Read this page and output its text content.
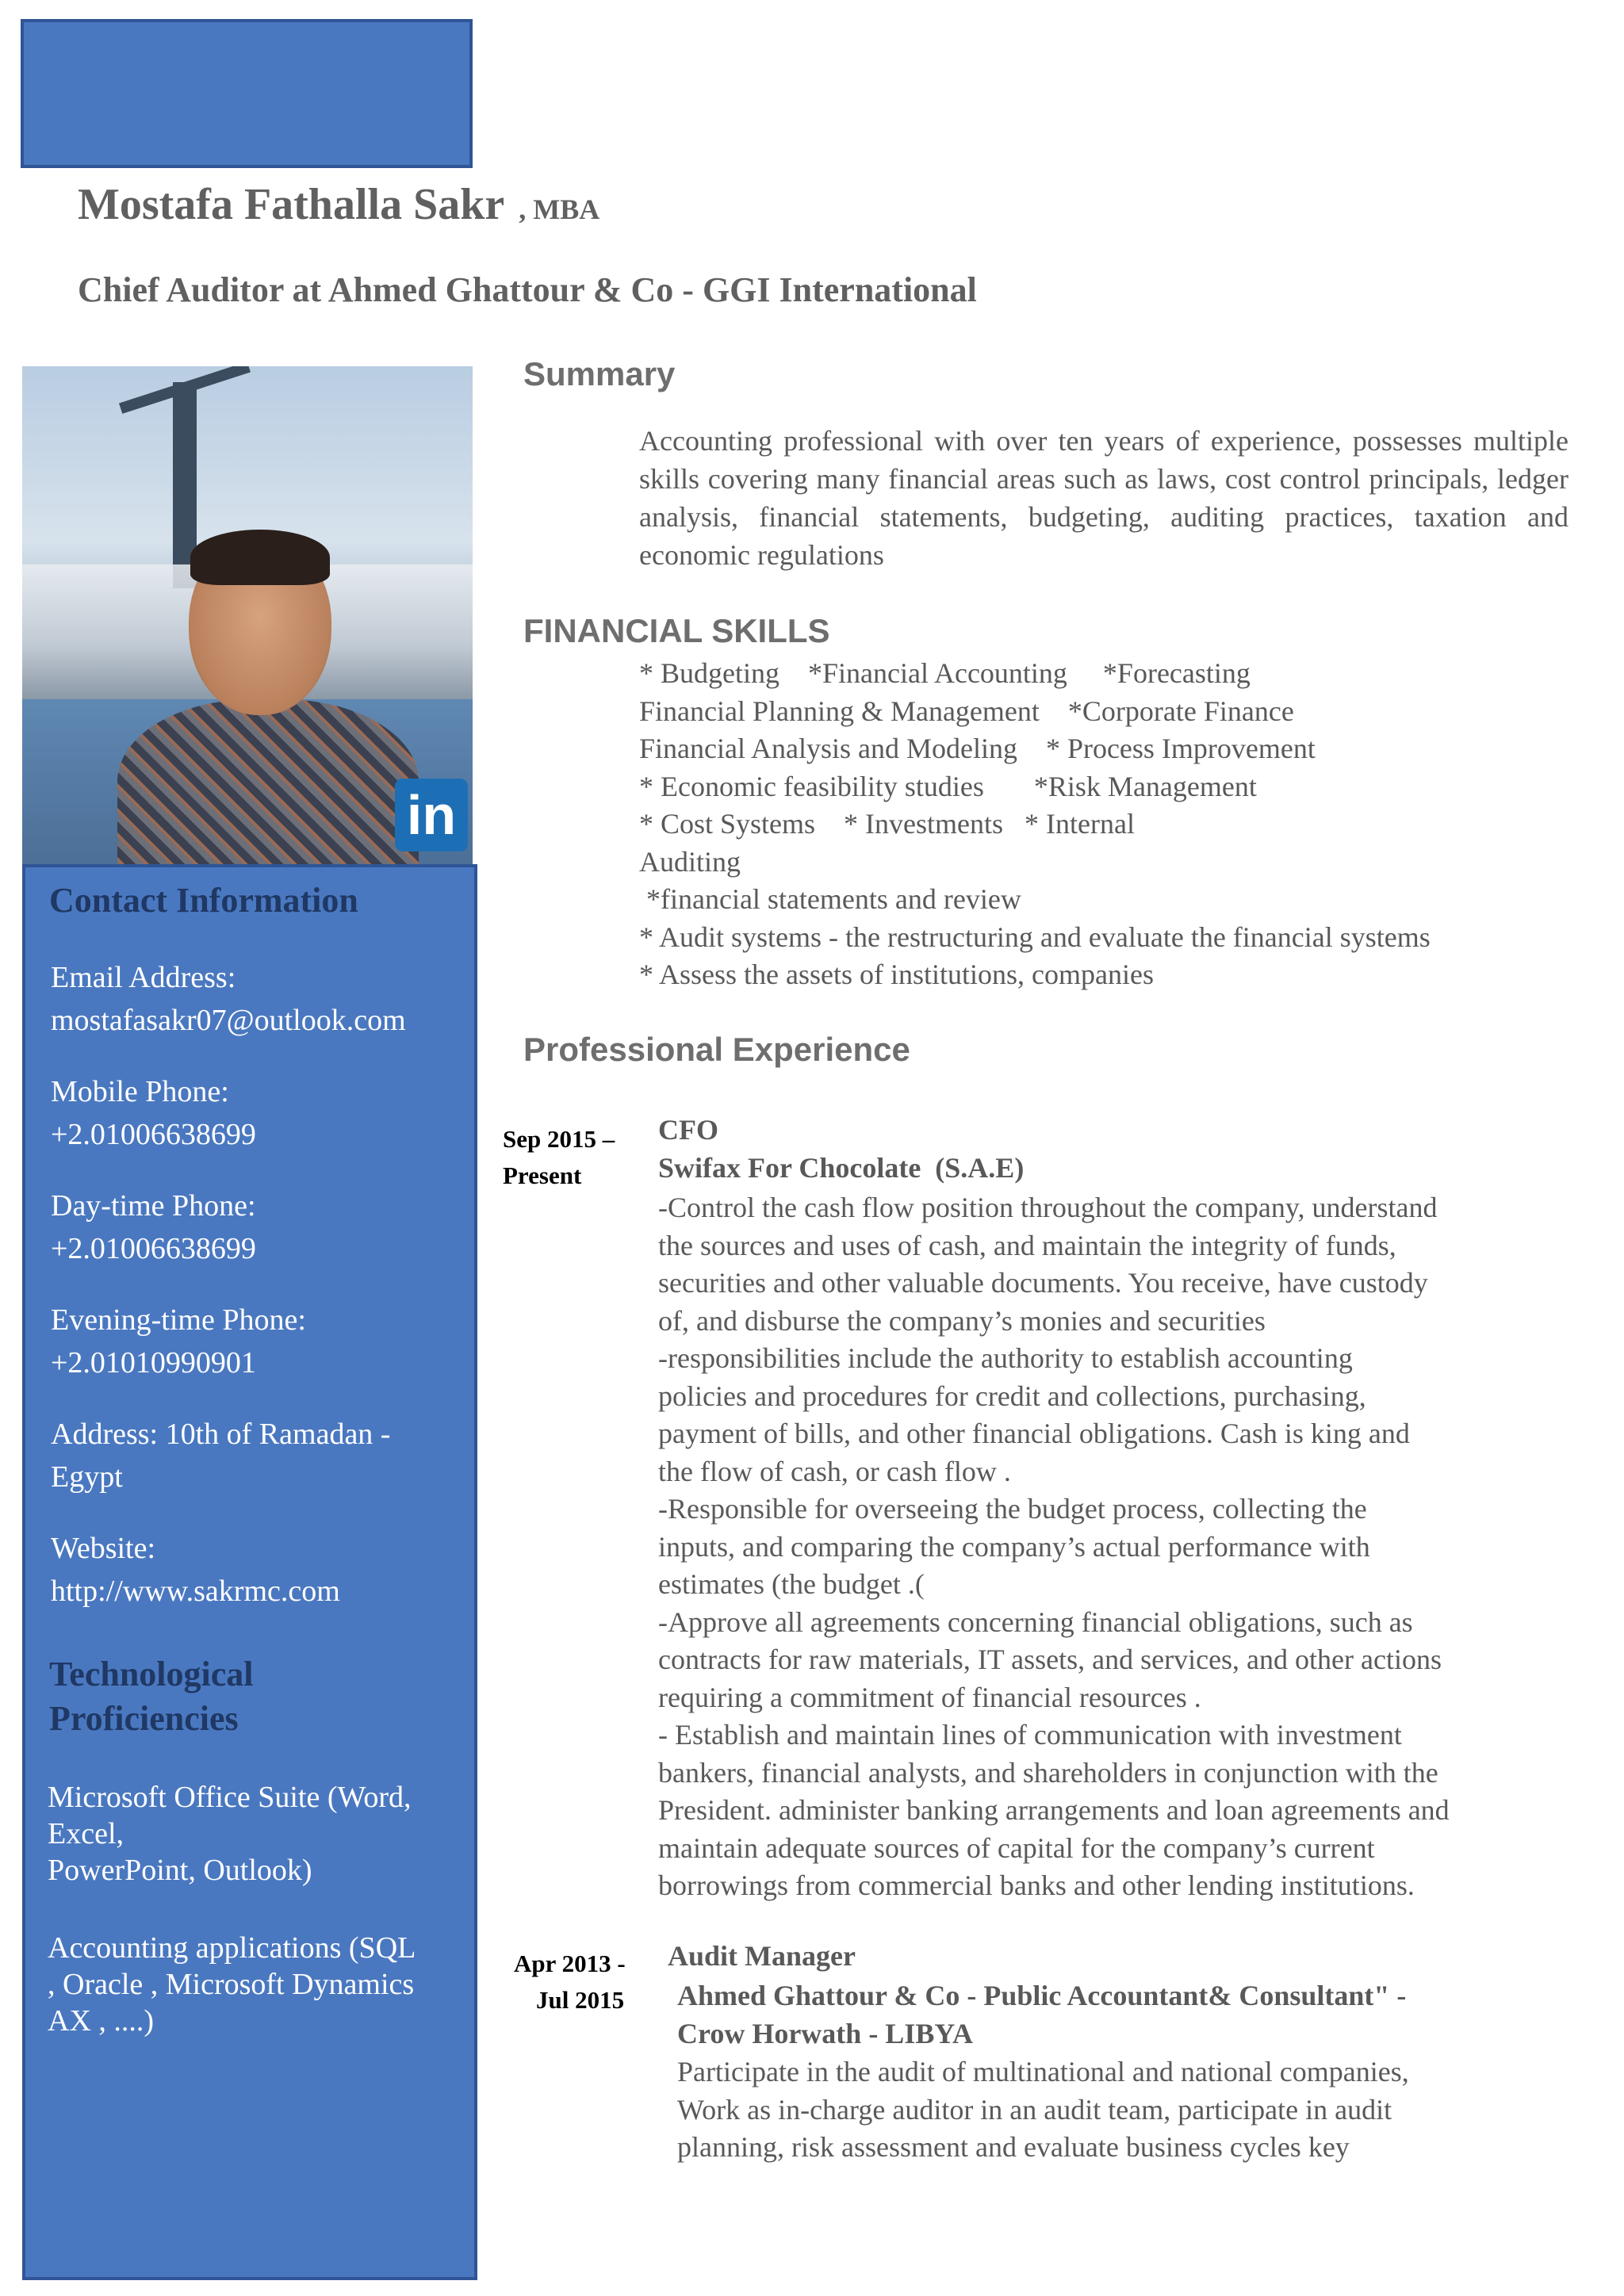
Mostafa Fathalla Sakr , MBA
Chief Auditor at Ahmed Ghattour & Co - GGI International
in
Contact Information
Email Address:
mostafasakr07@outlook.com
Mobile Phone:
+2.01006638699
Day-time Phone:
+2.01006638699
Evening-time Phone:
+2.01010990901
Address: 10th of Ramadan -
Egypt
Website:
http://www.sakrmc.com
Technological
Proficiencies
Microsoft Office Suite (Word,
Excel,
PowerPoint, Outlook)
Accounting applications (SQL
, Oracle , Microsoft Dynamics
AX , ....)
Summary
Accounting professional with over ten years of experience, possesses multiple skills covering many financial areas such as laws, cost control principals, ledger analysis, financial statements, budgeting, auditing practices, taxation and economic regulations
FINANCIAL SKILLS
* Budgeting    *Financial Accounting     *Forecasting
Financial Planning & Management    *Corporate Finance
Financial Analysis and Modeling    * Process Improvement
* Economic feasibility studies       *Risk Management
* Cost Systems    * Investments   * Internal
Auditing
*financial statements and review
* Audit systems - the restructuring and evaluate the financial systems
* Assess the assets of institutions, companies
Professional Experience
Sep 2015 –
Present
CFO
Swifax For Chocolate  (S.A.E)
-Control the cash flow position throughout the company, understand
the sources and uses of cash, and maintain the integrity of funds,
securities and other valuable documents. You receive, have custody
of, and disburse the company’s monies and securities
-responsibilities include the authority to establish accounting
policies and procedures for credit and collections, purchasing,
payment of bills, and other financial obligations. Cash is king and
the flow of cash, or cash flow .
-Responsible for overseeing the budget process, collecting the
inputs, and comparing the company’s actual performance with
estimates (the budget .(
-Approve all agreements concerning financial obligations, such as
contracts for raw materials, IT assets, and services, and other actions
requiring a commitment of financial resources .
- Establish and maintain lines of communication with investment
bankers, financial analysts, and shareholders in conjunction with the
President. administer banking arrangements and loan agreements and
maintain adequate sources of capital for the company’s current
borrowings from commercial banks and other lending institutions.
Apr 2013 -
Jul 2015
Audit Manager
Ahmed Ghattour & Co - Public Accountant& Consultant" -
Crow Horwath - LIBYA
Participate in the audit of multinational and national companies,
Work as in-charge auditor in an audit team, participate in audit
planning, risk assessment and evaluate business cycles key
